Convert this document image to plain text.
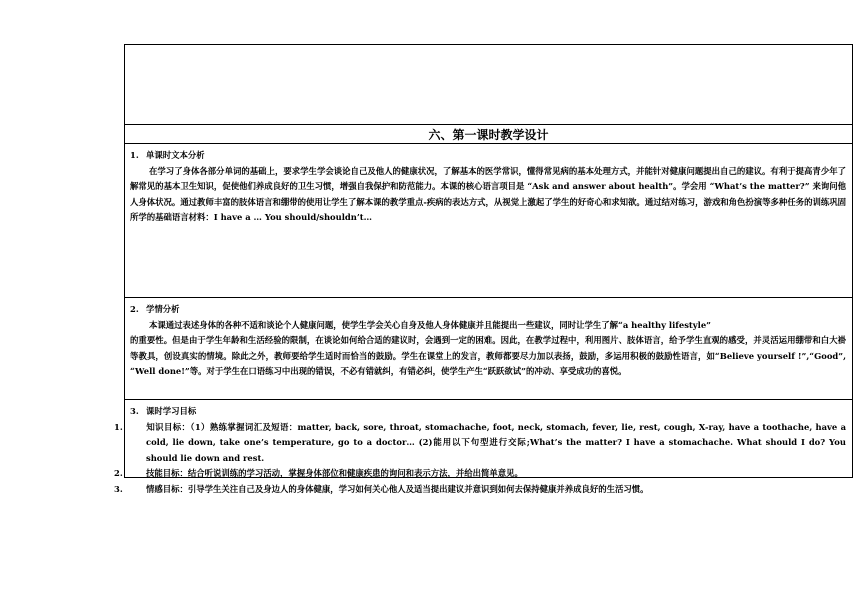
六、第一课时教学设计

1. 单课时文本分析

在学习了身体各部分单词的基础上，要求学生学会谈论自己及他人的健康状况，了解基本的医学常识，懂得常见病的基本处理方式，并能针对健康问题提出自己的建议。有利于提高青少年了解常见的基本卫生知识，促使他们养成良好的卫生习惯，增强自我保护和防范能力。本课的核心语言项目是 “Ask and answer about health”。学会用 “What’s the matter?” 来询问他人身体状况。通过教师丰富的肢体语言和绷带的使用让学生了解本课的教学重点-疾病的表达方式，从视觉上激起了学生的好奇心和求知欲。通过结对练习，游戏和角色扮演等多种任务的训练巩固所学的基础语言材料：I have a … You should/shouldn’t…

2. 学情分析

本课通过表述身体的各种不适和谈论个人健康问题，使学生学会关心自身及他人身体健康并且能提出一些建议，同时让学生了解“a healthy lifestyle”

的重要性。但是由于学生年龄和生活经验的限制，在谈论如何给合适的建议时，会遇到一定的困难。因此，在教学过程中，利用图片、肢体语言，给予学生直观的感受，并灵活运用绷带和白大褂等教具，创设真实的情境。除此之外，教师要给学生适时而恰当的鼓励。学生在课堂上的发言，教师都要尽力加以表扬，鼓励，多运用积极的鼓励性语言，如“Believe yourself !”,“Good”, “Well done!”等。对于学生在口语练习中出现的错误，不必有错就纠，有错必纠，使学生产生“跃跃欲试”的冲动、享受成功的喜悦。

3. 课时学习目标

1.	知识目标：（1）熟练掌握词汇及短语：matter, back, sore, throat, stomachache, foot, neck, stomach, fever, lie, rest, cough, X-ray, have a toothache, have a cold, lie down, take one’s temperature, go to a doctor… (2)能用以下句型进行交际;What’s the matter? I have a stomachache. What should I do? You should lie down and rest.

2.	技能目标：结合听说训练的学习活动，掌握身体部位和健康疾患的询问和表示方法，并给出简单意见。

3.	情感目标：引导学生关注自己及身边人的身体健康，学习如何关心他人及适当提出建议并意识到如何去保持健康并养成良好的生活习惯。
